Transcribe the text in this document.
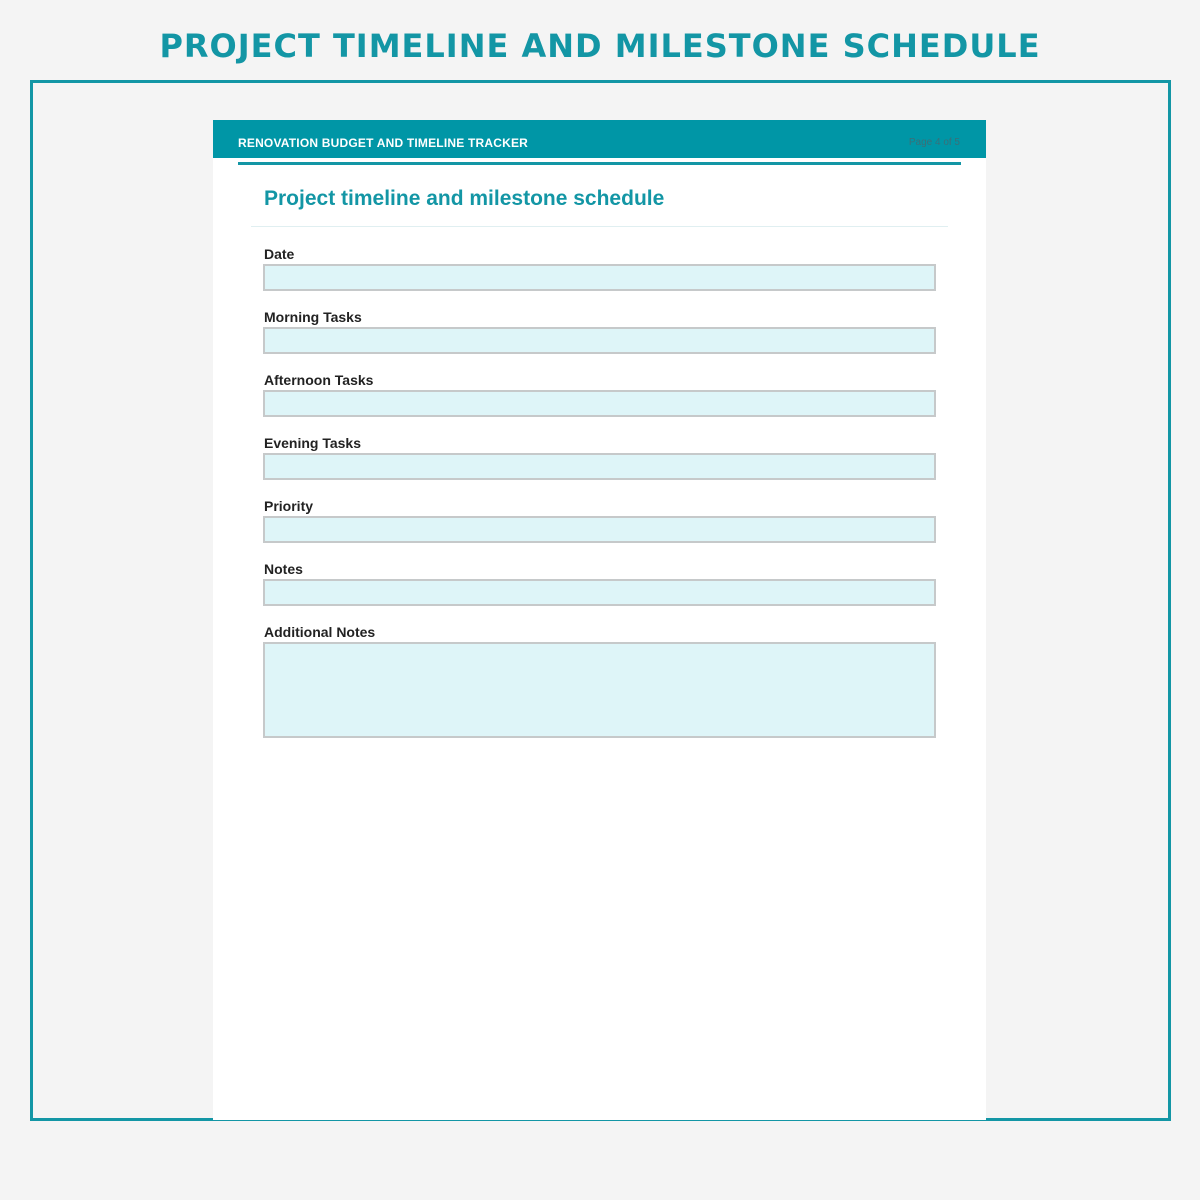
PROJECT TIMELINE AND MILESTONE SCHEDULE
RENOVATION BUDGET AND TIMELINE TRACKER	Page 4 of 5
Project timeline and milestone schedule
Date
Morning Tasks
Afternoon Tasks
Evening Tasks
Priority
Notes
Additional Notes
